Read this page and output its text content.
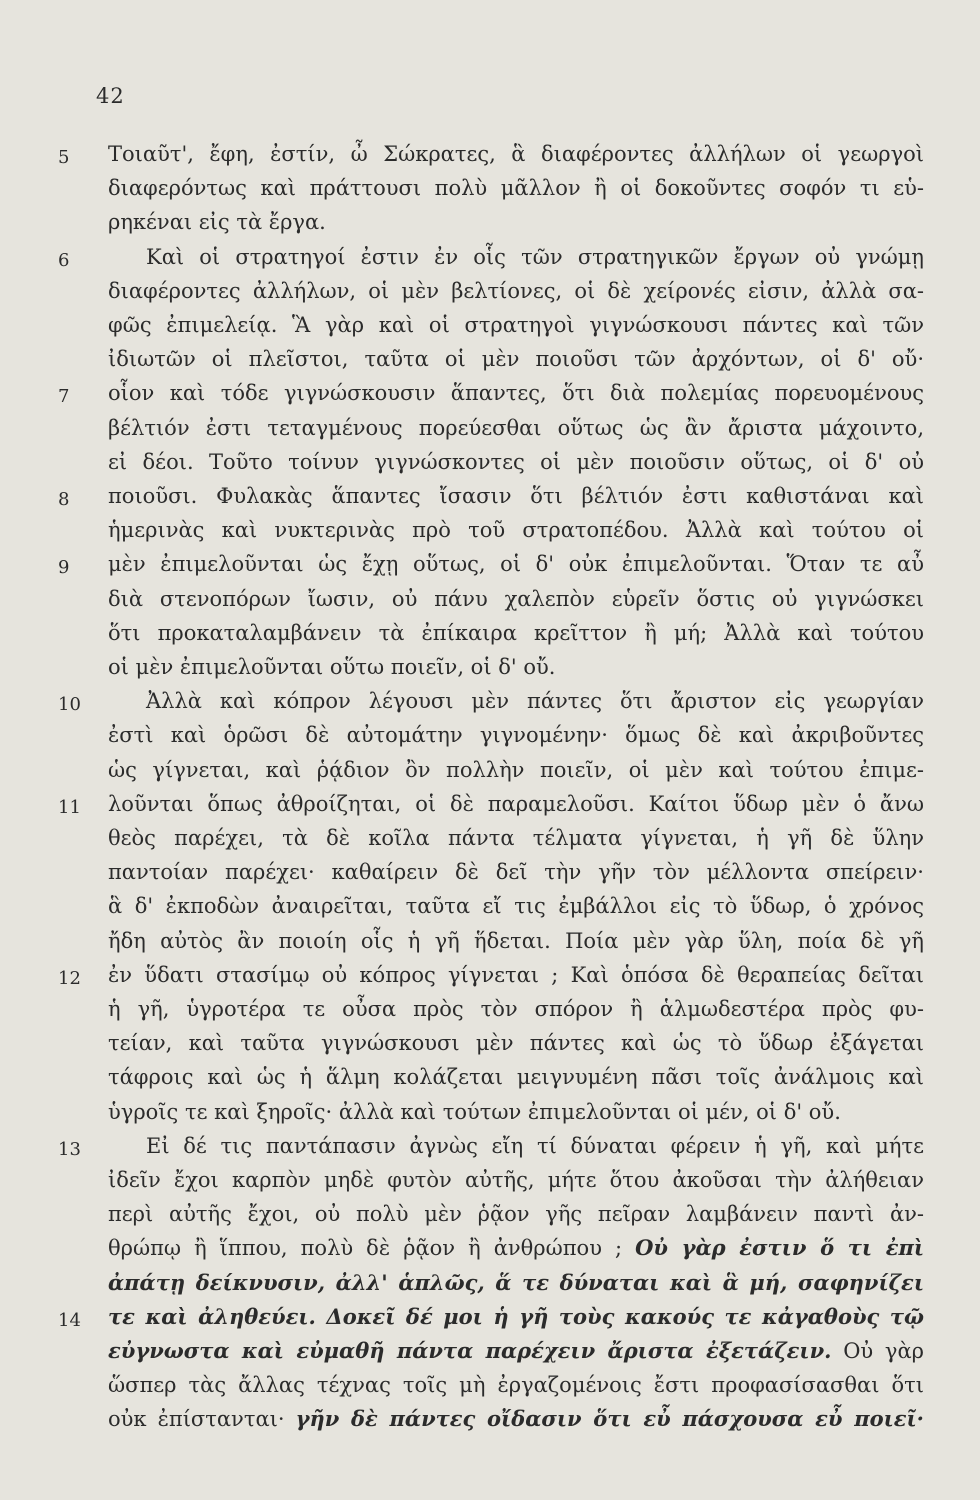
42
5	Τοιαῦτ', ἔφη, ἐστίν, ὦ Σώκρατες, ἃ διαφέροντες ἀλλήλων οἱ γεωργοὶ
διαφερόντως καὶ πράττουσι πολὺ μᾶλλον ἢ οἱ δοκοῦντες σοφόν τι εὑ-
ρηκέναι εἰς τὰ ἔργα.
6	Καὶ οἱ στρατηγοί ἐστιν ἐν οἷς τῶν στρατηγικῶν ἔργων οὐ γνώμῃ
διαφέροντες ἀλλήλων, οἱ μὲν βελτίονες, οἱ δὲ χείρονές εἰσιν, ἀλλὰ σα-
φῶς ἐπιμελείᾳ. Ἃ γὰρ καὶ οἱ στρατηγοὶ γιγνώσκουσι πάντες καὶ τῶν
ἰδιωτῶν οἱ πλεῖστοι, ταῦτα οἱ μὲν ποιοῦσι τῶν ἀρχόντων, οἱ δ' οὔ·
7	οἷον καὶ τόδε γιγνώσκουσιν ἅπαντες, ὅτι διὰ πολεμίας πορευομένους
βέλτιόν ἐστι τεταγμένους πορεύεσθαι οὕτως ὡς ἂν ἄριστα μάχοιντο,
εἰ δέοι. Τοῦτο τοίνυν γιγνώσκοντες οἱ μὲν ποιοῦσιν οὕτως, οἱ δ' οὐ
8	ποιοῦσι. Φυλακὰς ἅπαντες ἴσασιν ὅτι βέλτιόν ἐστι καθιστάναι καὶ
ἡμερινὰς καὶ νυκτερινὰς πρὸ τοῦ στρατοπέδου. Ἀλλὰ καὶ τούτου οἱ
9	μὲν ἐπιμελοῦνται ὡς ἔχῃ οὕτως, οἱ δ' οὐκ ἐπιμελοῦνται. Ὅταν τε αὖ
διὰ στενοπόρων ἴωσιν, οὐ πάνυ χαλεπὸν εὑρεῖν ὅστις οὐ γιγνώσκει
ὅτι προκαταλαμβάνειν τὰ ἐπίκαιρα κρεῖττον ἢ μή; Ἀλλὰ καὶ τούτου
οἱ μὲν ἐπιμελοῦνται οὕτω ποιεῖν, οἱ δ' οὔ.
10	Ἀλλὰ καὶ κόπρον λέγουσι μὲν πάντες ὅτι ἄριστον εἰς γεωργίαν
ἐστὶ καὶ ὁρῶσι δὲ αὐτομάτην γιγνομένην· ὅμως δὲ καὶ ἀκριβοῦντες
ὡς γίγνεται, καὶ ῥᾴδιον ὂν πολλὴν ποιεῖν, οἱ μὲν καὶ τούτου ἐπιμε-
11	λοῦνται ὅπως ἀθροίζηται, οἱ δὲ παραμελοῦσι. Καίτοι ὕδωρ μὲν ὁ ἄνω
θεὸς παρέχει, τὰ δὲ κοῖλα πάντα τέλματα γίγνεται, ἡ γῆ δὲ ὕλην
παντοίαν παρέχει· καθαίρειν δὲ δεῖ τὴν γῆν τὸν μέλλοντα σπείρειν·
ἃ δ' ἐκποδὼν ἀναιρεῖται, ταῦτα εἴ τις ἐμβάλλοι εἰς τὸ ὕδωρ, ὁ χρόνος
ἤδη αὐτὸς ἂν ποιοίη οἷς ἡ γῆ ἥδεται. Ποία μὲν γὰρ ὕλη, ποία δὲ γῆ
12	ἐν ὕδατι στασίμῳ οὐ κόπρος γίγνεται ; Καὶ ὁπόσα δὲ θεραπείας δεῖται
ἡ γῆ, ὑγροτέρα τε οὖσα πρὸς τὸν σπόρον ἢ ἁλμωδεστέρα πρὸς φυ-
τείαν, καὶ ταῦτα γιγνώσκουσι μὲν πάντες καὶ ὡς τὸ ὕδωρ ἐξάγεται
τάφροις καὶ ὡς ἡ ἅλμη κολάζεται μειγνυμένη πᾶσι τοῖς ἀνάλμοις καὶ
ὑγροῖς τε καὶ ξηροῖς· ἀλλὰ καὶ τούτων ἐπιμελοῦνται οἱ μέν, οἱ δ' οὔ.
13	Εἰ δέ τις παντάπασιν ἀγνὼς εἴη τί δύναται φέρειν ἡ γῆ, καὶ μήτε
ἰδεῖν ἔχοι καρπὸν μηδὲ φυτὸν αὐτῆς, μήτε ὅτου ἀκοῦσαι τὴν ἀλήθειαν
περὶ αὐτῆς ἔχοι, οὐ πολὺ μὲν ῥᾷον γῆς πεῖραν λαμβάνειν παντὶ ἀν-
θρώπῳ ἢ ἵππου, πολὺ δὲ ῥᾷον ἢ ἀνθρώπου ; Οὐ γὰρ ἐστιν ὅ τι ἐπὶ
ἀπάτῃ δείκνυσιν, ἀλλ' ἁπλῶς, ἅ τε δύναται καὶ ἃ μή, σαφηνίζει
14	τε καὶ ἀληθεύει. Δοκεῖ δέ μοι ἡ γῆ τοὺς κακούς τε κἀγαθοὺς τῷ
εὐγνωστα καὶ εὐμαθῆ πάντα παρέχειν ἄριστα ἐξετάζειν. Οὐ γὰρ
ὥσπερ τὰς ἄλλας τέχνας τοῖς μὴ ἐργαζομένοις ἔστι προφασίσασθαι ὅτι
οὐκ ἐπίστανται· γῆν δὲ πάντες οἴδασιν ὅτι εὖ πάσχουσα εὖ ποιεῖ·
